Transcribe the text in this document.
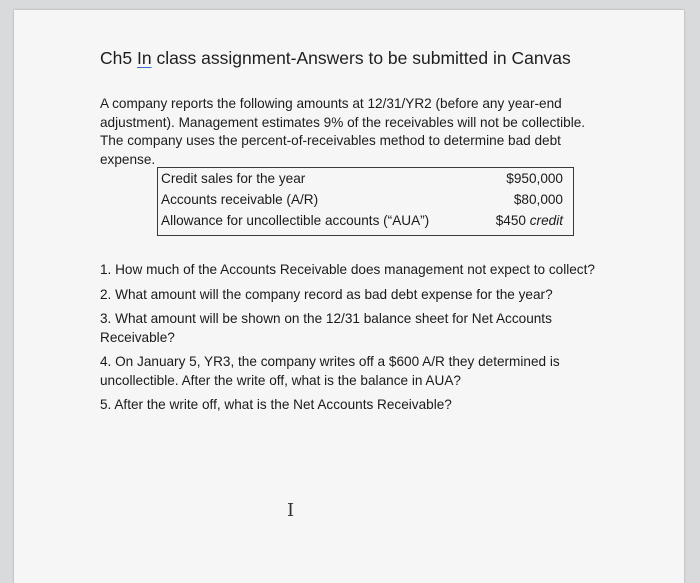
Ch5 In class assignment-Answers to be submitted in Canvas
A company reports the following amounts at 12/31/YR2 (before any year-end adjustment). Management estimates 9% of the receivables will not be collectible. The company uses the percent-of-receivables method to determine bad debt expense.
Credit sales for the year	$950,000
Accounts receivable (A/R)	$80,000
Allowance for uncollectible accounts (“AUA”)	$450 credit

1. How much of the Accounts Receivable does management not expect to collect?

2. What amount will the company record as bad debt expense for the year?

3. What amount will be shown on the 12/31 balance sheet for Net Accounts Receivable?

4. On January 5, YR3, the company writes off a $600 A/R they determined is uncollectible. After the write off, what is the balance in AUA?

5. After the write off, what is the Net Accounts Receivable?

I
